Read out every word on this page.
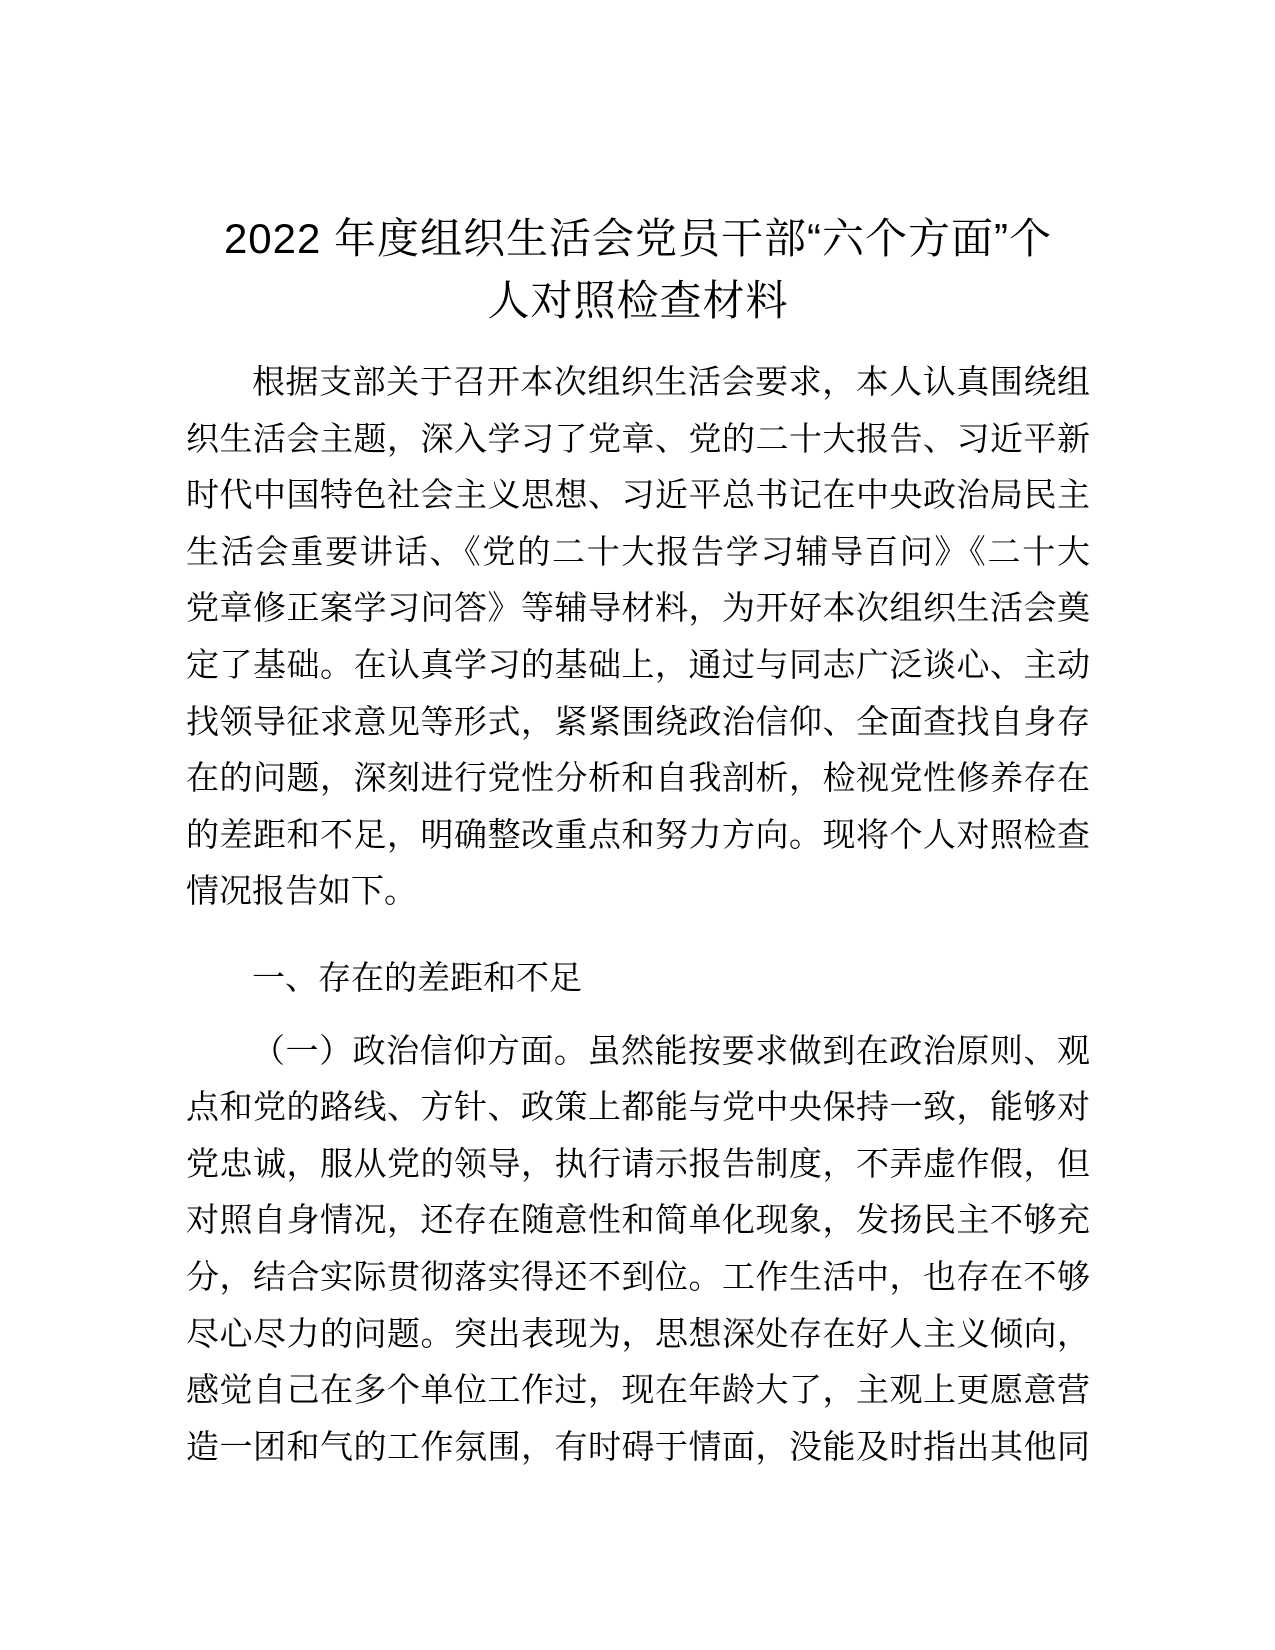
2022 年度组织生活会党员干部“六个方面”个
人对照检查材料
根据支部关于召开本次组织生活会要求，本人认真围绕组
织生活会主题，深入学习了党章、党的二十大报告、习近平新
时代中国特色社会主义思想、习近平总书记在中央政治局民主
生活会重要讲话、《党的二十大报告学习辅导百问》《二十大
党章修正案学习问答》等辅导材料，为开好本次组织生活会奠
定了基础。在认真学习的基础上，通过与同志广泛谈心、主动
找领导征求意见等形式，紧紧围绕政治信仰、全面查找自身存
在的问题，深刻进行党性分析和自我剖析，检视党性修养存在
的差距和不足，明确整改重点和努力方向。现将个人对照检查
情况报告如下。
一、存在的差距和不足
（一）政治信仰方面。虽然能按要求做到在政治原则、观
点和党的路线、方针、政策上都能与党中央保持一致，能够对
党忠诚，服从党的领导，执行请示报告制度，不弄虚作假，但
对照自身情况，还存在随意性和简单化现象，发扬民主不够充
分，结合实际贯彻落实得还不到位。工作生活中，也存在不够
尽心尽力的问题。突出表现为，思想深处存在好人主义倾向，
感觉自己在多个单位工作过，现在年龄大了，主观上更愿意营
造一团和气的工作氛围，有时碍于情面，没能及时指出其他同
